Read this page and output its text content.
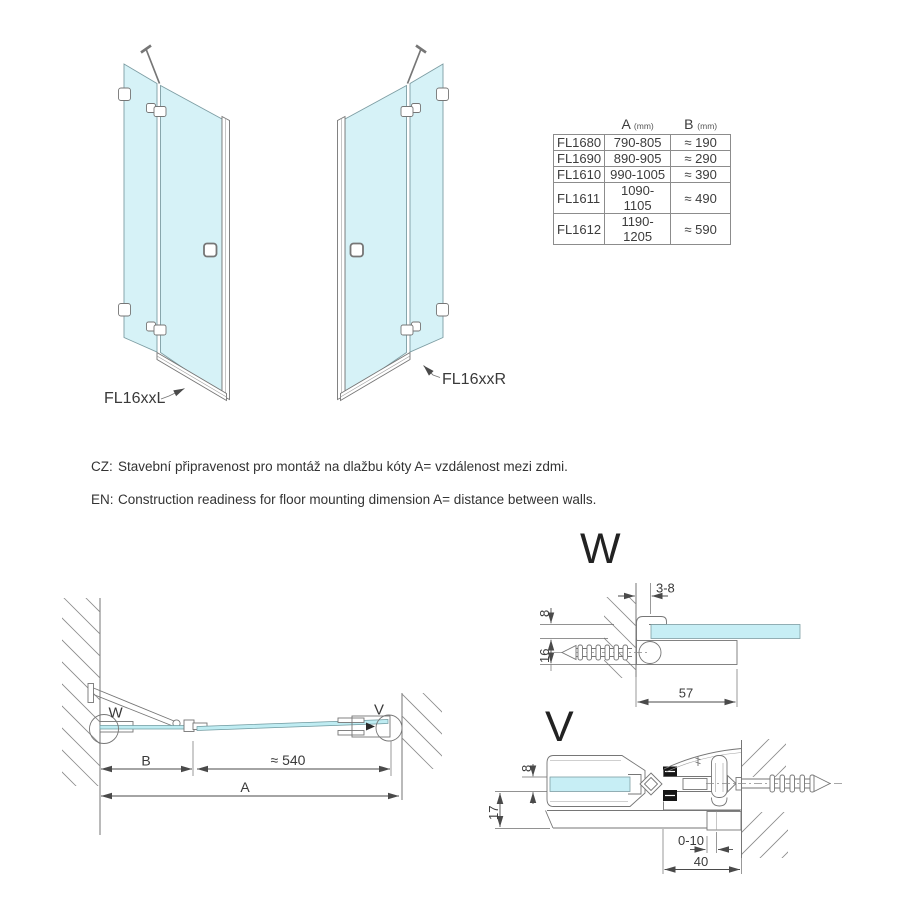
FL16xxL
FL16xxR
W	V
B	≈ 540
A
W
3-8
8
16
57
V
8
17
0-10
40
	A (mm)	B (mm)
FL1680	790-805	≈ 190
FL1690	890-905	≈ 290
FL1610	990-1005	≈ 390
FL1611	1090-1105	≈ 490
FL1612	1190-1205	≈ 590
CZ: Stavební připravenost pro montáž na dlažbu kóty A= vzdálenost mezi zdmi.
EN: Construction readiness for floor mounting dimension A= distance between walls.
